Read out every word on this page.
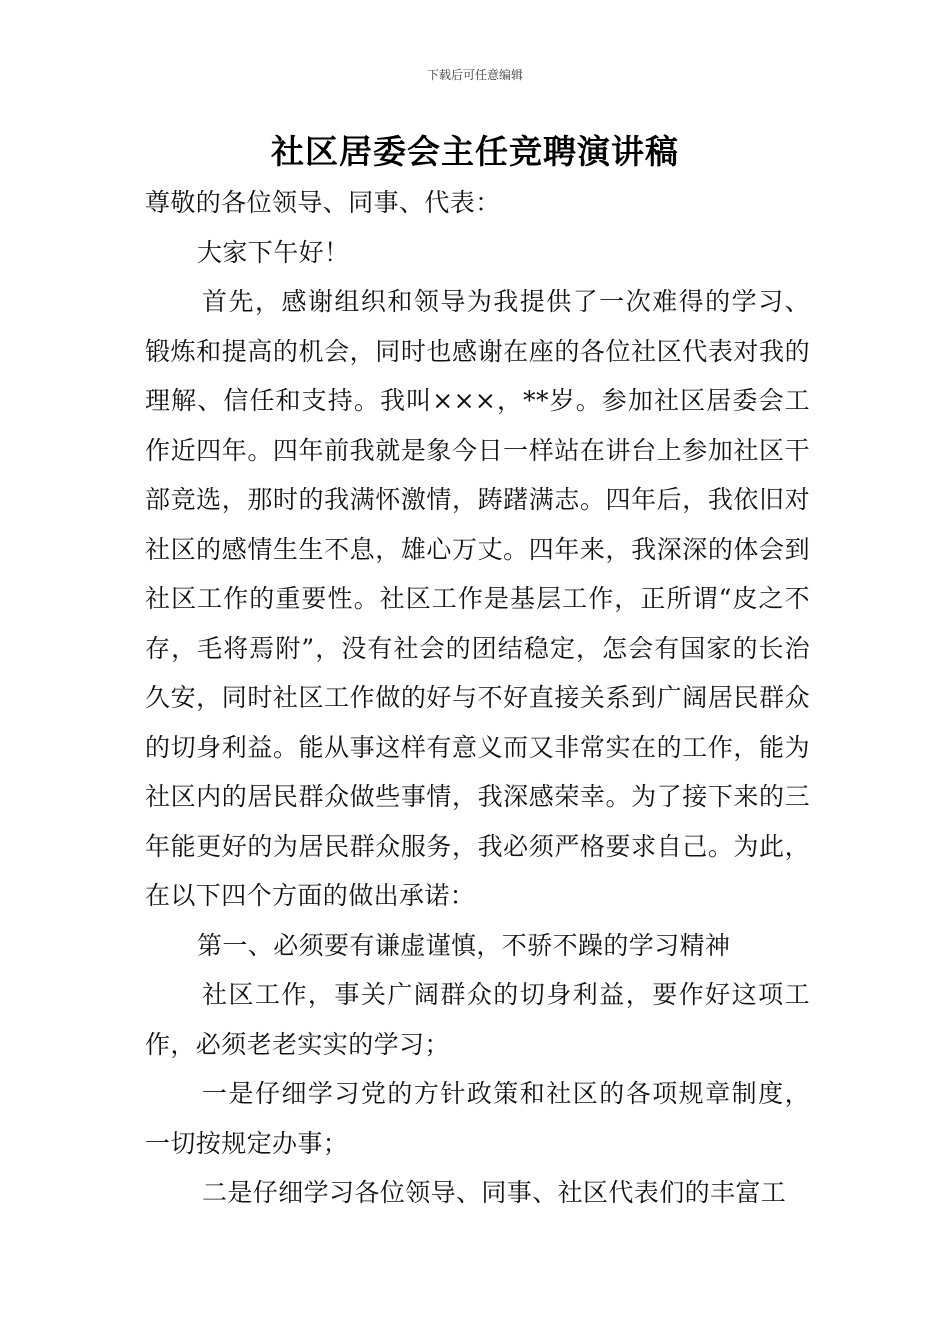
下载后可任意编辑
社区居委会主任竞聘演讲稿

尊敬的各位领导、同事、代表：

大家下午好！

首先，感谢组织和领导为我提供了一次难得的学习、锻炼和提高的机会，同时也感谢在座的各位社区代表对我的理解、信任和支持。我叫×××，**岁。参加社区居委会工作近四年。四年前我就是象今日一样站在讲台上参加社区干部竞选，那时的我满怀激情，踌躇满志。四年后，我依旧对社区的感情生生不息，雄心万丈。四年来，我深深的体会到社区工作的重要性。社区工作是基层工作，正所谓“皮之不存，毛将焉附”，没有社会的团结稳定，怎会有国家的长治久安，同时社区工作做的好与不好直接关系到广阔居民群众的切身利益。能从事这样有意义而又非常实在的工作，能为社区内的居民群众做些事情，我深感荣幸。为了接下来的三年能更好的为居民群众服务，我必须严格要求自己。为此，在以下四个方面的做出承诺：

第一、必须要有谦虚谨慎，不骄不躁的学习精神

社区工作，事关广阔群众的切身利益，要作好这项工作，必须老老实实的学习；

一是仔细学习党的方针政策和社区的各项规章制度，一切按规定办事；

二是仔细学习各位领导、同事、社区代表们的丰富工
